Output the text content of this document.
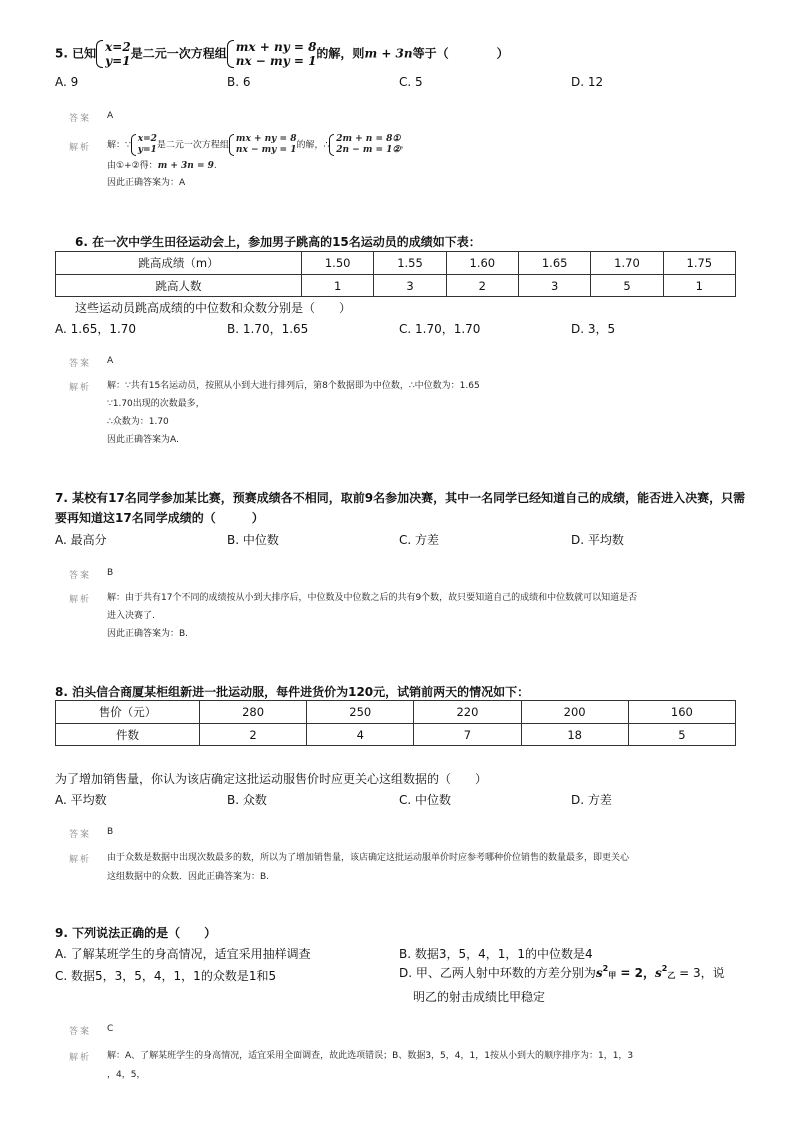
5. 已知 x=2
y=1是二元一次方程组 mx + ny = 8
nx − my = 1的解，则m + 3n等于（　　　　）
A. 9	B. 6	C. 5	D. 12
答案 A
解析 解：∵x=2
y=1是二元一次方程组mx + ny = 8
nx − my = 1的解，∴2m + n = 8①
2n − m = 1②，
由①+②得：m + 3n = 9.
因此正确答案为：A
6. 在一次中学生田径运动会上，参加男子跳高的15名运动员的成绩如下表：
跳高成绩（m）	1.50	1.55	1.60	1.65	1.70	1.75
跳高人数	1	3	2	3	5	1
这些运动员跳高成绩的中位数和众数分别是（　　）
A. 1.65，1.70	B. 1.70，1.65	C. 1.70，1.70	D. 3，5
答案 A
解析 解：∵共有15名运动员，按照从小到大进行排列后，第8个数据即为中位数，∴中位数为：1.65
∵1.70出现的次数最多，
∴众数为：1.70
因此正确答案为A.
7. 某校有17名同学参加某比赛，预赛成绩各不相同，取前9名参加决赛，其中一名同学已经知道自己的成绩，能否进入决赛，只需
要再知道这17名同学成绩的（　　　）
A. 最高分	B. 中位数	C. 方差	D. 平均数
答案 B
解析 解：由于共有17个不同的成绩按从小到大排序后，中位数及中位数之后的共有9个数，故只要知道自己的成绩和中位数就可以知道是否
进入决赛了.
因此正确答案为：B.
8. 泊头信合商厦某柜组新进一批运动服，每件进货价为120元，试销前两天的情况如下：
售价（元）	280	250	220	200	160
件数	2	4	7	18	5
为了增加销售量，你认为该店确定这批运动服售价时应更关心这组数据的（　　）
A. 平均数	B. 众数	C. 中位数	D. 方差
答案 B
解析 由于众数是数据中出现次数最多的数，所以为了增加销售量，该店确定这批运动服单价时应参考哪种价位销售的数量最多，即更关心
这组数据中的众数．因此正确答案为：B.
9. 下列说法正确的是（　　）
A. 了解某班学生的身高情况，适宜采用抽样调查	B. 数据3，5，4，1，1的中位数是4
C. 数据5，3，5，4，1，1的众数是1和5	D. 甲、乙两人射中环数的方差分别为$s^2$甲 = 2，$s^2$乙 = 3，说
明乙的射击成绩比甲稳定
答案 C
解析 解：A、了解某班学生的身高情况，适宜采用全面调查，故此选项错误；B、数据3，5，4，1，1按从小到大的顺序排序为：1，1，3
，4，5，
